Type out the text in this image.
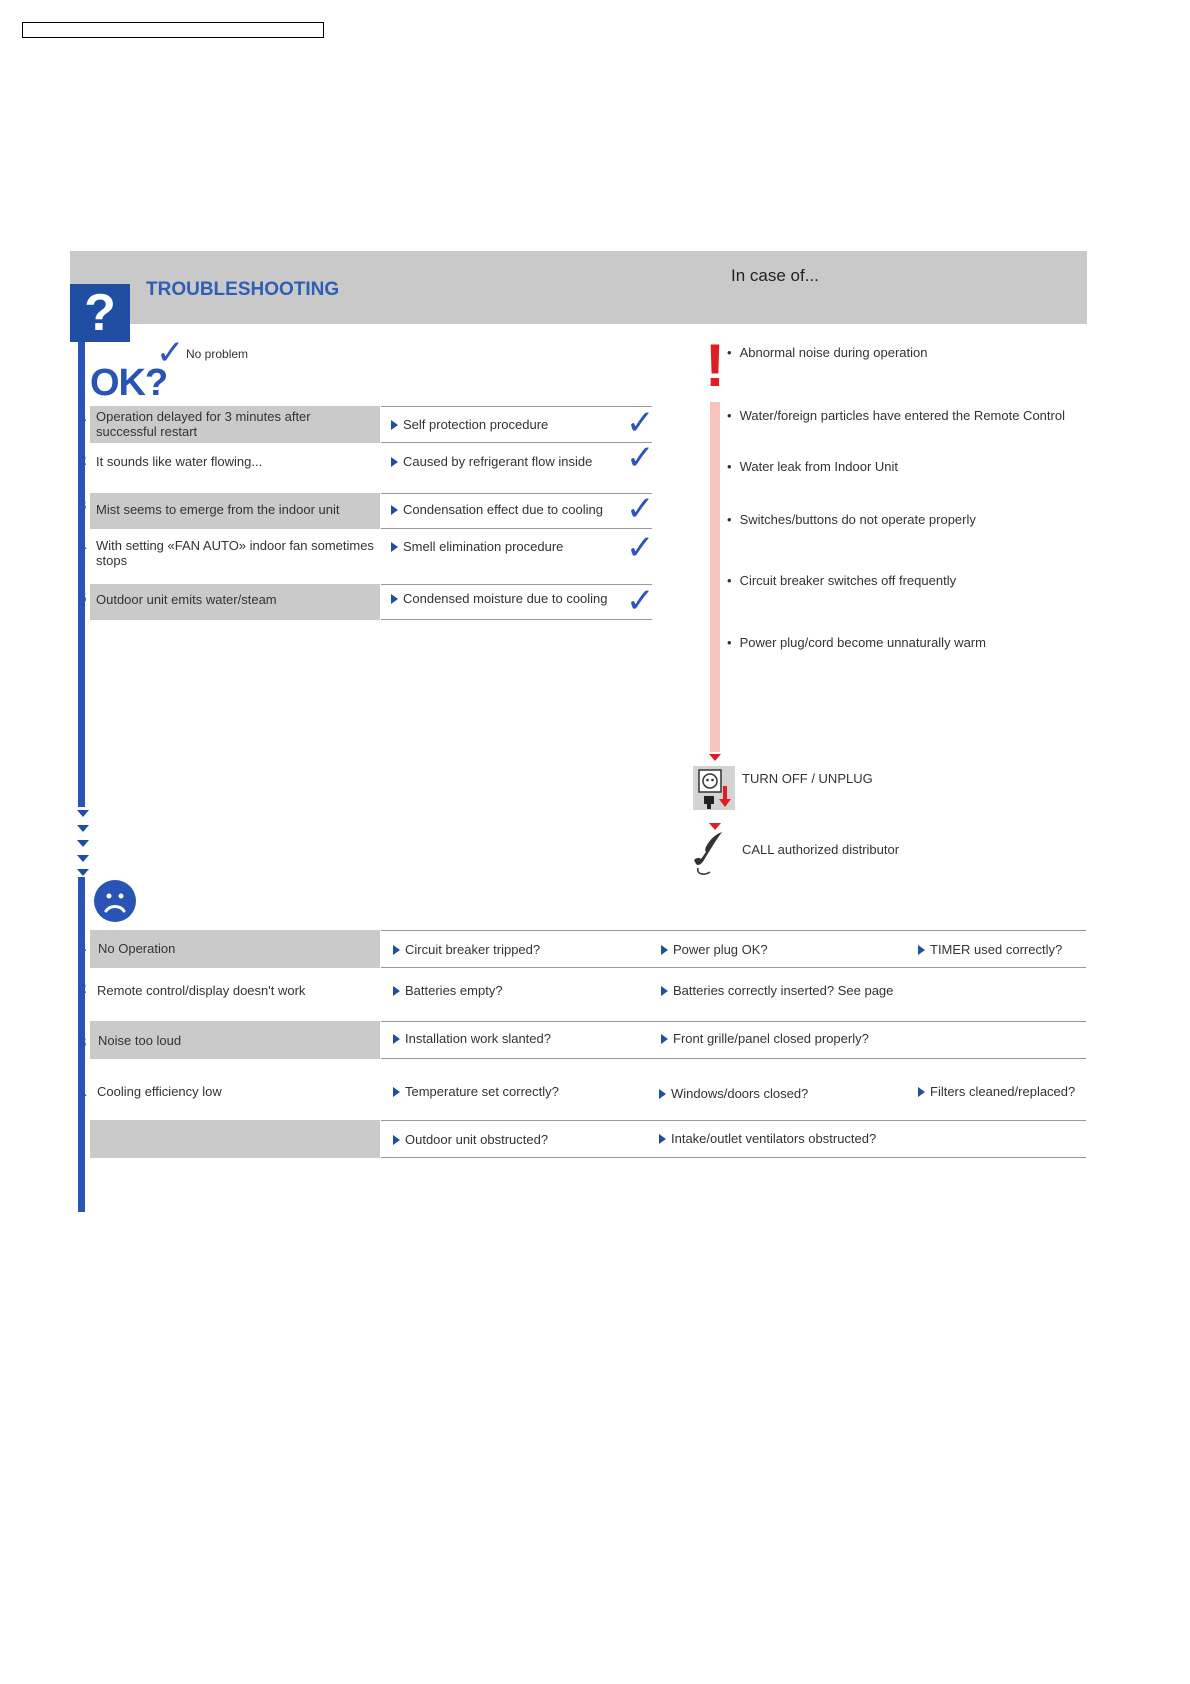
?	TROUBLESHOOTING
In case of...
✓ No problem
OK?
1 Operation delayed for 3 minutes after successful restart	Self protection procedure	✓
2 It sounds like water flowing...	Caused by refrigerant flow inside ✓
3 Mist seems to emerge from the indoor unit	Condensation effect due to cooling ✓
4 With setting «FAN AUTO» indoor fan sometimes stops
Smell elimination procedure	✓
5 Outdoor unit emits water/steam	Condensed moisture due to cooling ✓
!
•	Abnormal noise during operation
• Water/foreign particles have entered the Remote Control
• Water leak from Indoor Unit
• Switches/buttons do not operate properly
• Circuit breaker switches off frequently
• Power plug/cord become unnaturally warm
TURN OFF / UNPLUG
CALL authorized distributor
1 No Operation	Circuit breaker tripped?	Power plug OK?	TIMER used correctly?
2 Remote control/display doesn't work	Batteries empty?	Batteries correctly inserted? See page
3 Noise too loud	Installation work slanted?	Front grille/panel closed properly?
4 Cooling efficiency low	Temperature set correctly?	Windows/doors closed?	Filters cleaned/replaced?
Outdoor unit obstructed?	Intake/outlet ventilators obstructed?
